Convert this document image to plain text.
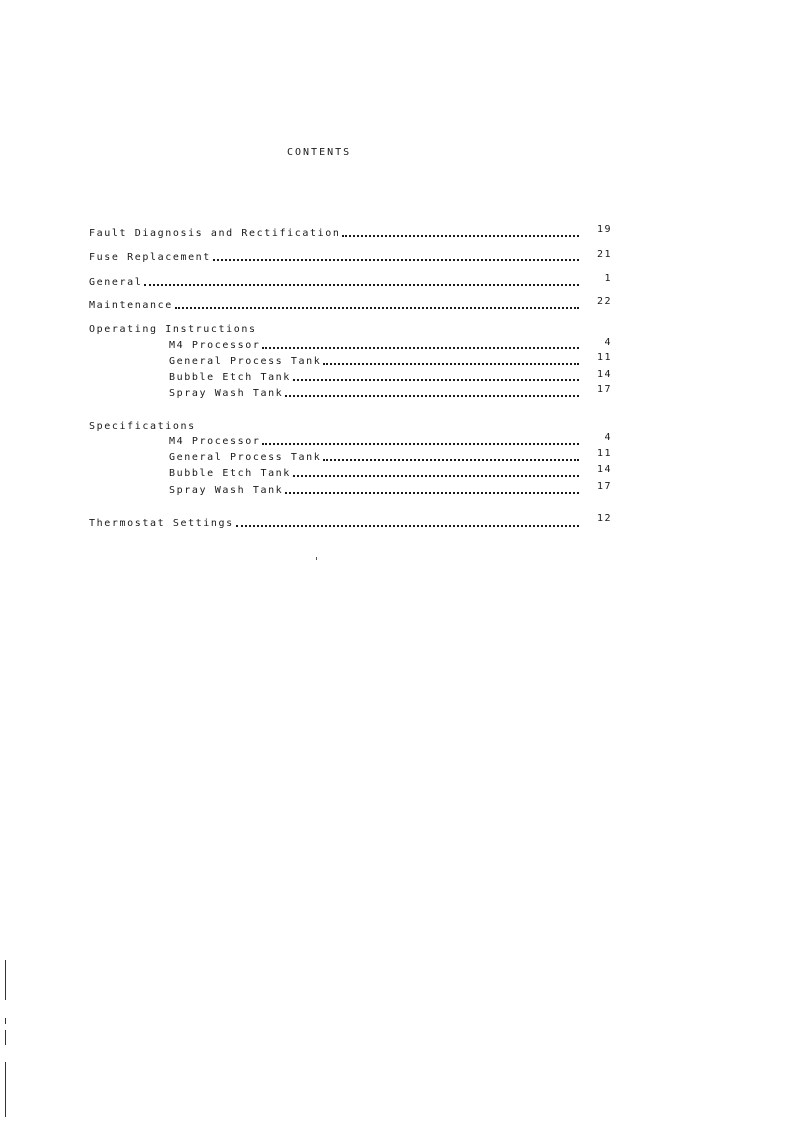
CONTENTS
Fault Diagnosis and Rectification	19
Fuse Replacement	21
General	1
Maintenance	22
Operating Instructions
M4 Processor	4
General Process Tank	11
Bubble Etch Tank	14
Spray Wash Tank	17
Specifications
M4 Processor	4
General Process Tank	11
Bubble Etch Tank	14
Spray Wash Tank	17
Thermostat Settings	12
